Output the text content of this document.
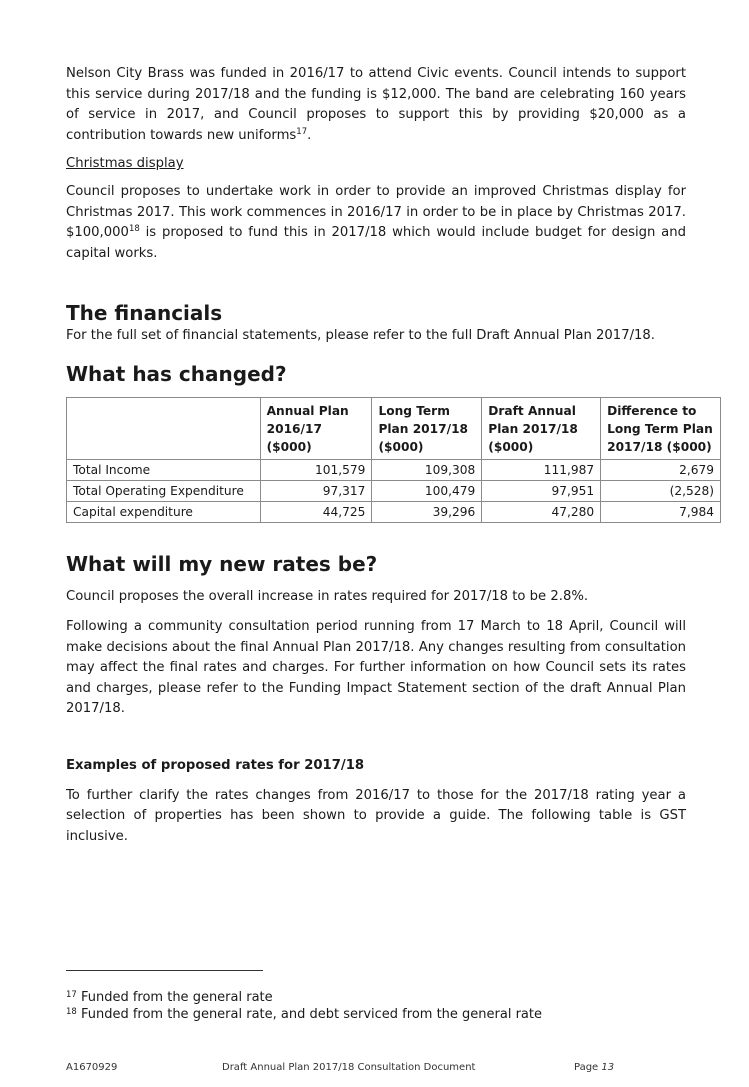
Nelson City Brass was funded in 2016/17 to attend Civic events. Council intends to support this service during 2017/18 and the funding is $12,000. The band are celebrating 160 years of service in 2017, and Council proposes to support this by providing $20,000 as a contribution towards new uniforms$^{17}$.

Christmas display

Council proposes to undertake work in order to provide an improved Christmas display for Christmas 2017. This work commences in 2016/17 in order to be in place by Christmas 2017. $100,000$^{18}$ is proposed to fund this in 2017/18 which would include budget for design and capital works.

The financials

For the full set of financial statements, please refer to the full Draft Annual Plan 2017/18.

What has changed?
	Annual Plan 2016/17 ($000)	Long Term Plan 2017/18 ($000)	Draft Annual Plan 2017/18 ($000)	Difference to Long Term Plan 2017/18 ($000)
Total Income	101,579	109,308	111,987	2,679
Total Operating Expenditure	97,317	100,479	97,951	(2,528)
Capital expenditure	44,725	39,296	47,280	7,984
What will my new rates be?

Council proposes the overall increase in rates required for 2017/18 to be 2.8%.

Following a community consultation period running from 17 March to 18 April, Council will make decisions about the final Annual Plan 2017/18. Any changes resulting from consultation may affect the final rates and charges. For further information on how Council sets its rates and charges, please refer to the Funding Impact Statement section of the draft Annual Plan 2017/18.

Examples of proposed rates for 2017/18

To further clarify the rates changes from 2016/17 to those for the 2017/18 rating year a selection of properties has been shown to provide a guide. The following table is GST inclusive.

$^{17}$ Funded from the general rate
$^{18}$ Funded from the general rate, and debt serviced from the general rate
A1670929	Draft Annual Plan 2017/18 Consultation Document	Page 13
